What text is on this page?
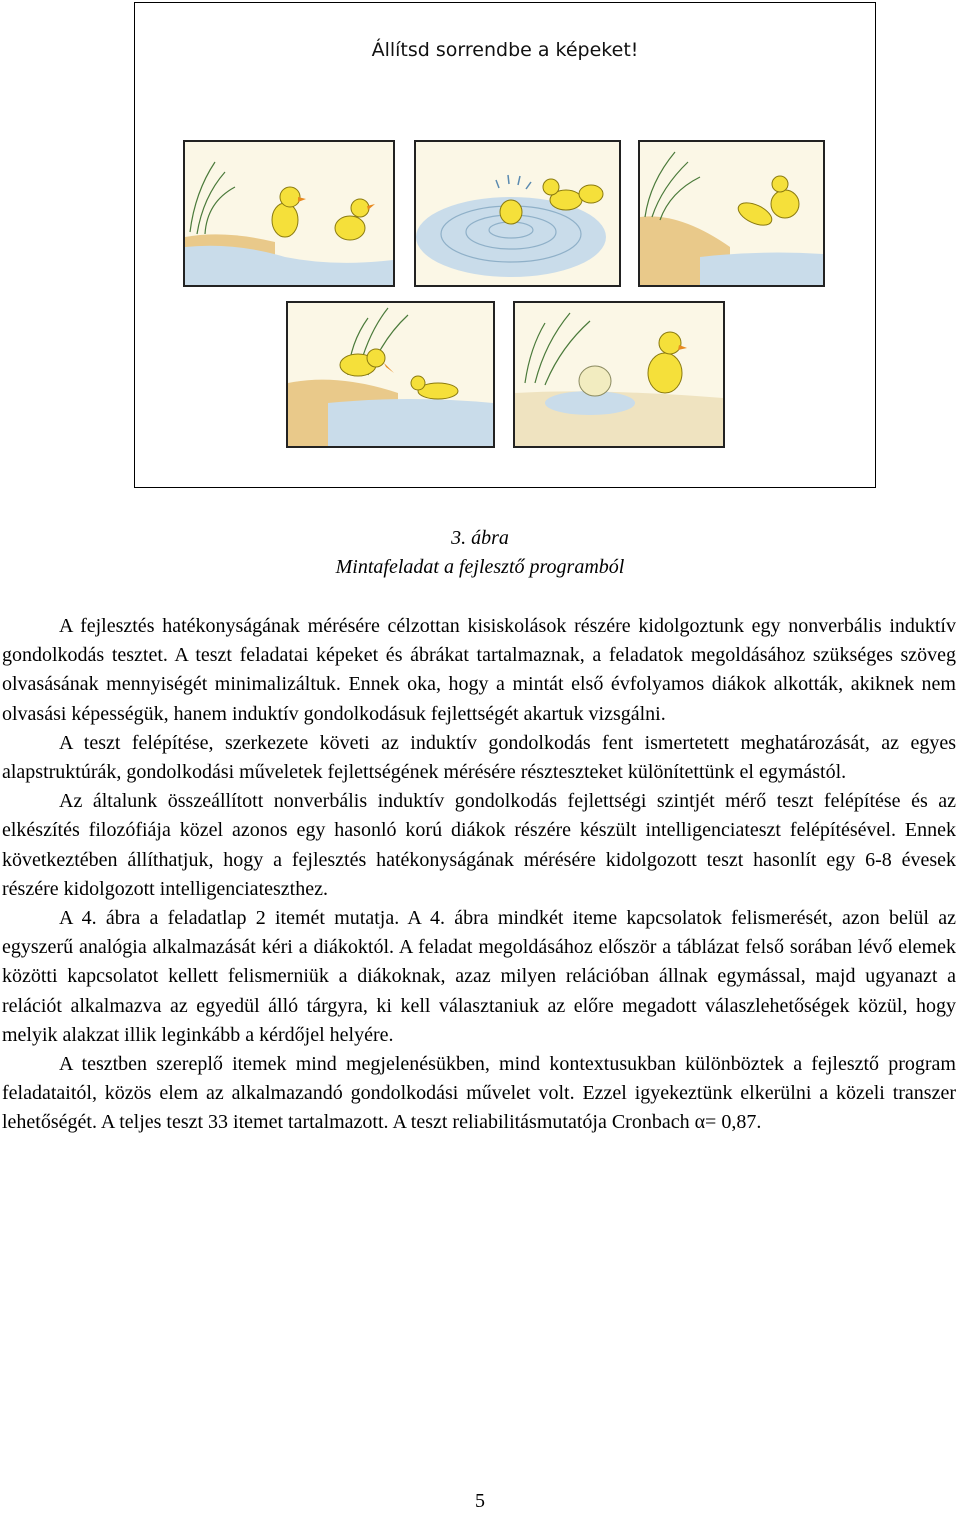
Állítsd sorrendbe a képeket!
3. ábra
Mintafeladat a fejlesztő programból

A fejlesztés hatékonyságának mérésére célzottan kisiskolások részére kidolgoztunk egy nonverbális induktív gondolkodás tesztet. A teszt feladatai képeket és ábrákat tartalmaznak, a feladatok megoldásához szükséges szöveg olvasásának mennyiségét minimalizáltuk. Ennek oka, hogy a mintát első évfolyamos diákok alkották, akiknek nem olvasási képességük, hanem induktív gondolkodásuk fejlettségét akartuk vizsgálni.

A teszt felépítése, szerkezete követi az induktív gondolkodás fent ismertetett meghatározását, az egyes alapstruktúrák, gondolkodási műveletek fejlettségének mérésére részteszteket különítettünk el egymástól.

Az általunk összeállított nonverbális induktív gondolkodás fejlettségi szintjét mérő teszt felépítése és az elkészítés filozófiája közel azonos egy hasonló korú diákok részére készült intelligenciateszt felépítésével. Ennek következtében állíthatjuk, hogy a fejlesztés hatékonyságának mérésére kidolgozott teszt hasonlít egy 6-8 évesek részére kidolgozott intelligenciateszthez.

A 4. ábra a feladatlap 2 itemét mutatja. A 4. ábra mindkét iteme kapcsolatok felismerését, azon belül az egyszerű analógia alkalmazását kéri a diákoktól. A feladat megoldásához először a táblázat felső sorában lévő elemek közötti kapcsolatot kellett felismerniük a diákoknak, azaz milyen relációban állnak egymással, majd ugyanazt a relációt alkalmazva az egyedül álló tárgyra, ki kell választaniuk az előre megadott válaszlehetőségek közül, hogy melyik alakzat illik leginkább a kérdőjel helyére.

A tesztben szereplő itemek mind megjelenésükben, mind kontextusukban különböztek a fejlesztő program feladataitól, közös elem az alkalmazandó gondolkodási művelet volt. Ezzel igyekeztünk elkerülni a közeli transzer lehetőségét. A teljes teszt 33 itemet tartalmazott. A teszt reliabilitásmutatója Cronbach α= 0,87.

5
